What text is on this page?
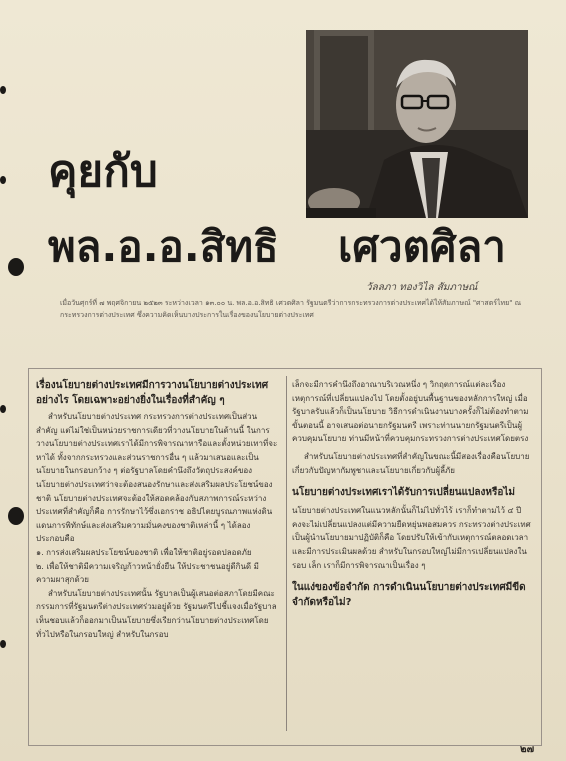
คุยกับ
พล.อ.อ.สิทธิ เศวตศิลา
วัลลภา ทองวิไล สัมภาษณ์

เมื่อวันศุกร์ที่ ๗ พฤศจิกายน ๒๕๒๓ ระหว่างเวลา ๑๓.๐๐ น. พล.อ.อ.สิทธิ เศวตศิลา รัฐมนตรีว่าการกระทรวงการต่างประเทศได้ให้สัมภาษณ์ "ศาสตร์ไทย" ณ กระทรวงการต่างประเทศ ซึ่งความคิดเห็นบางประการในเรื่องของนโยบายต่างประเทศ

เรื่องนโยบายต่างประเทศมีการวางนโยบายต่างประเทศอย่างไร โดยเฉพาะอย่างยิ่งในเรื่องที่สำคัญ ๆ

สำหรับนโยบายต่างประเทศ กระทรวงการต่างประเทศเป็นส่วนสำคัญ แต่ไม่ใช่เป็นหน่วยราชการเดียวที่วางนโยบายในด้านนี้ ในการวางนโยบายต่างประเทศเราได้มีการพิจารณาหารือและตั้งหน่วยเทาที่จะหาได้ ทั้งจากกระทรวงและส่วนราชการอื่น ๆ แล้วมาเสนอและเป็นนโยบายในกรอบกว้าง ๆ ต่อรัฐบาลโดยคำนึงถึงวัตถุประสงค์ของนโยบายต่างประเทศว่าจะต้องสนองรักษาและส่งเสริมผลประโยชน์ของชาติ นโยบายต่างประเทศจะต้องให้สอดคล้องกับสภาพการณ์ระหว่างประเทศที่สำคัญก็คือ การรักษาไว้ซึ่งเอกราช อธิปไตยบูรณภาพแห่งดินแดนการพิทักษ์และส่งเสริมความมั่นคงของชาติเหล่านี้ ๆ ได้ลองประกอบคือ

๑. การส่งเสริมผลประโยชน์ของชาติ เพื่อให้ชาติอยู่รอดปลอดภัย

๒. เพื่อให้ชาติมีความเจริญก้าวหน้ายั่งยืน ให้ประชาชนอยู่ดีกินดี มีความผาสุกด้วย

สำหรับนโยบายต่างประเทศนั้น รัฐบาลเป็นผู้เสนอต่อสภาโดยมีคณะกรรมการที่รัฐมนตรีต่างประเทศร่วมอยู่ด้วย รัฐมนตรีไปชี้แจงเมื่อรัฐบาลเห็นชอบแล้วก็ออกมาเป็นนโยบายซึ่งเรียกว่านโยบายต่างประเทศโดยทั่วไปหรือในกรอบใหญ่ สำหรับในกรอบ

เล็กจะมีการคำนึงถึงอาณาบริเวณหนึ่ง ๆ วิกฤตการณ์แต่ละเรื่องเหตุการณ์ที่เปลี่ยนแปลงไป โดยตั้งอยู่บนพื้นฐานของหลักการใหญ่ เมื่อรัฐบาลรับแล้วก็เป็นนโยบาย วิธีการดำเนินงานบางครั้งก็ไม่ต้องทำตามขั้นตอนนี้ อาจเสนอต่อนายกรัฐมนตรี เพราะท่านนายกรัฐมนตรีเป็นผู้ควบคุมนโยบาย ท่านมีหน้าที่ควบคุมกระทรวงการต่างประเทศโดยตรง

สำหรับนโยบายต่างประเทศที่สำคัญในขณะนี้มีสองเรื่องคือนโยบายเกี่ยวกับปัญหากัมพูชาและนโยบายเกี่ยวกับผู้ลี้ภัย

นโยบายต่างประเทศเราได้รับการเปลี่ยนแปลงหรือไม่

นโยบายต่างประเทศในแนวหลักนั้นก็ไม่ไปทั่วไร้ เราก็ทำตามไว้ ๔ ปี คงจะไม่เปลี่ยนแปลงแต่มีความยืดหยุ่นพอสมควร กระทรวงต่างประเทศเป็นผู้นำนโยบายมาปฏิบัติก็คือ โดยปรับให้เข้ากับเหตุการณ์ตลอดเวลา และมีการประเมินผลด้วย สำหรับในกรอบใหญ่ไม่มีการเปลี่ยนแปลงในรอบ เล็ก เราก็มีการพิจารณาเป็นเรื่อง ๆ

ในแง่ของข้อจำกัด การดำเนินนโยบายต่างประเทศมีขีดจำกัดหรือไม่?

๒๗
